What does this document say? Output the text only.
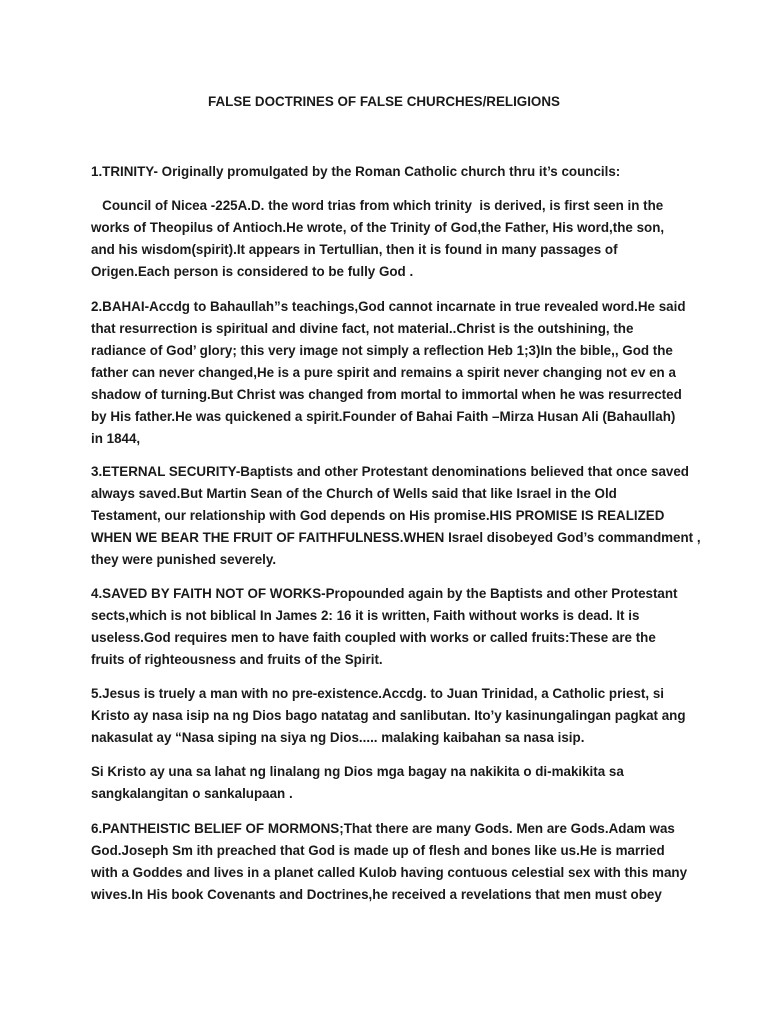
FALSE DOCTRINES OF FALSE CHURCHES/RELIGIONS

1.TRINITY- Originally promulgated by the Roman Catholic church thru it’s councils:

Council of Nicea -225A.D. the word trias from which trinity  is derived, is first seen in the
works of Theopilus of Antioch.He wrote, of the Trinity of God,the Father, His word,the son,
and his wisdom(spirit).It appears in Tertullian, then it is found in many passages of
Origen.Each person is considered to be fully God .

2.BAHAI-Accdg to Bahaullah”s teachings,God cannot incarnate in true revealed word.He said
that resurrection is spiritual and divine fact, not material..Christ is the outshining, the
radiance of God’ glory; this very image not simply a reflection Heb 1;3)In the bible,, God the
father can never changed,He is a pure spirit and remains a spirit never changing not ev en a
shadow of turning.But Christ was changed from mortal to immortal when he was resurrected
by His father.He was quickened a spirit.Founder of Bahai Faith –Mirza Husan Ali (Bahaullah)
in 1844,

3.ETERNAL SECURITY-Baptists and other Protestant denominations believed that once saved
always saved.But Martin Sean of the Church of Wells said that like Israel in the Old
Testament, our relationship with God depends on His promise.HIS PROMISE IS REALIZED
WHEN WE BEAR THE FRUIT OF FAITHFULNESS.WHEN Israel disobeyed God’s commandment ,
they were punished severely.

4.SAVED BY FAITH NOT OF WORKS-Propounded again by the Baptists and other Protestant
sects,which is not biblical In James 2: 16 it is written, Faith without works is dead. It is
useless.God requires men to have faith coupled with works or called fruits:These are the
fruits of righteousness and fruits of the Spirit.

5.Jesus is truely a man with no pre-existence.Accdg. to Juan Trinidad, a Catholic priest, si
Kristo ay nasa isip na ng Dios bago natatag and sanlibutan. Ito’y kasinungalingan pagkat ang
nakasulat ay “Nasa siping na siya ng Dios..... malaking kaibahan sa nasa isip.

Si Kristo ay una sa lahat ng linalang ng Dios mga bagay na nakikita o di-makikita sa
sangkalangitan o sankalupaan .

6.PANTHEISTIC BELIEF OF MORMONS;That there are many Gods. Men are Gods.Adam was
God.Joseph Sm ith preached that God is made up of flesh and bones like us.He is married
with a Goddes and lives in a planet called Kulob having contuous celestial sex with this many
wives.In His book Covenants and Doctrines,he received a revelations that men must obey
